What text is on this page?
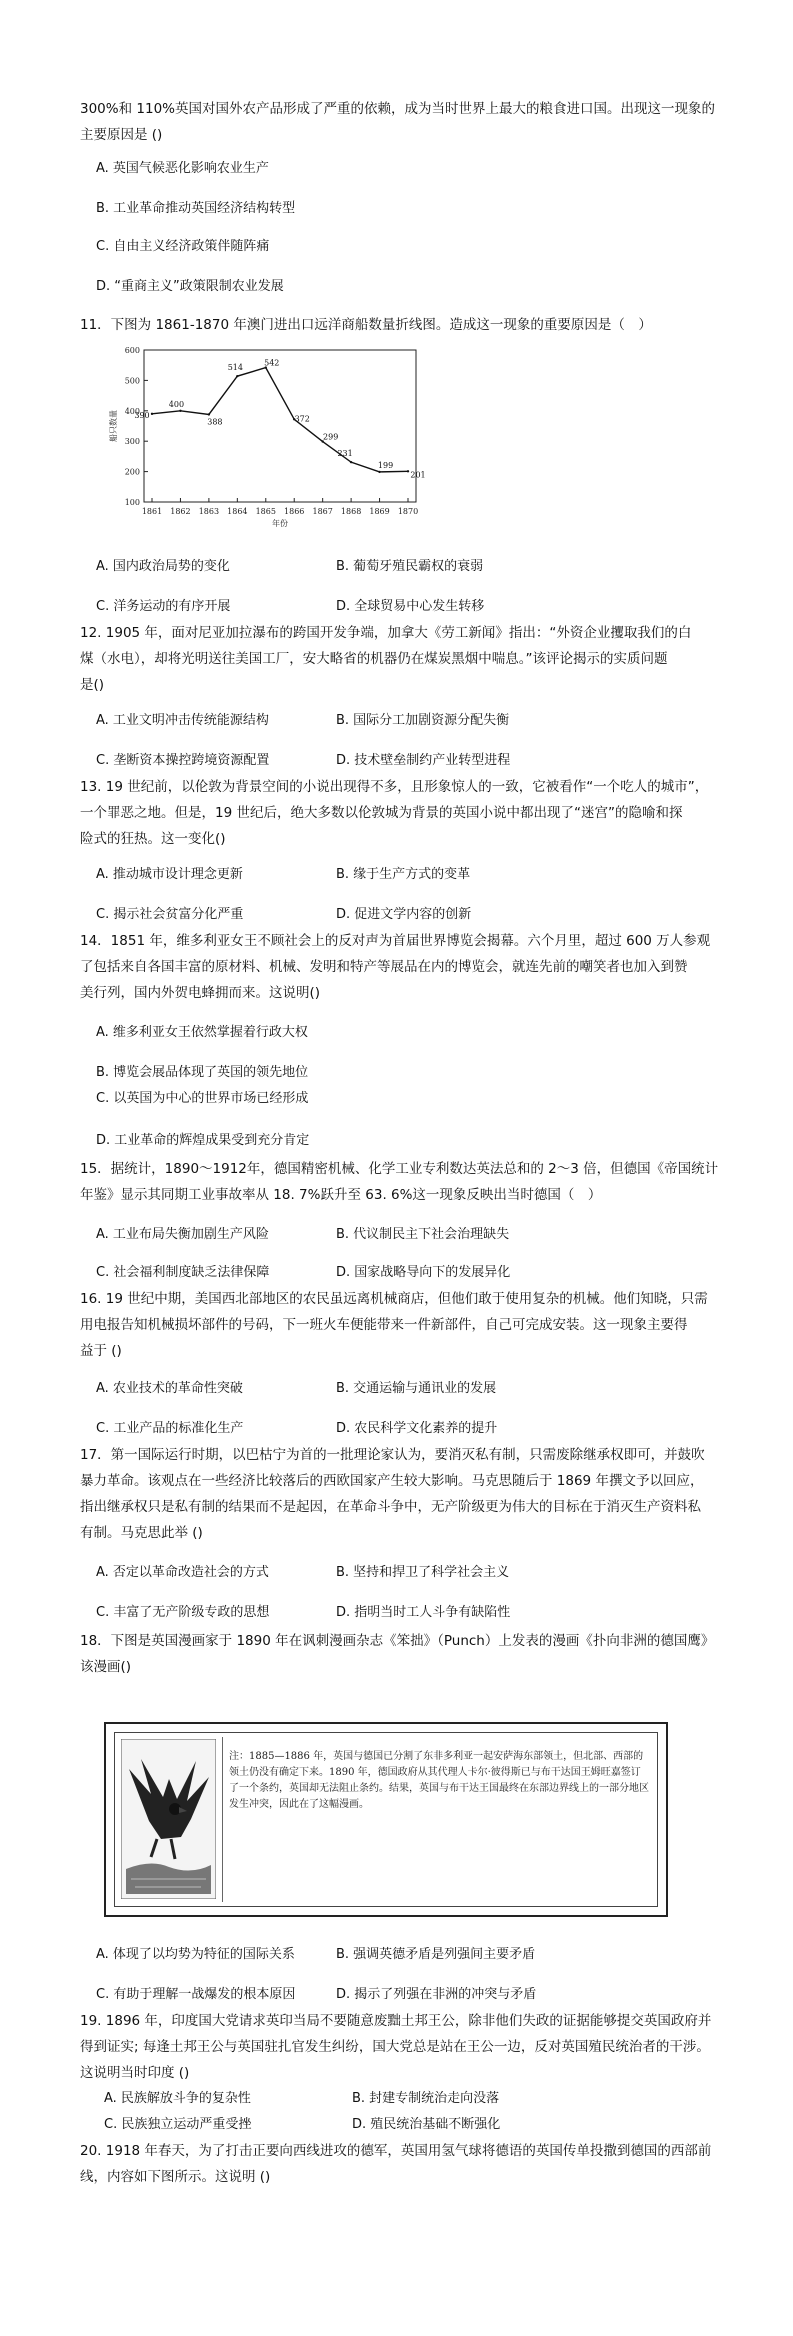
300%和 110%英国对国外农产品形成了严重的依赖，成为当时世界上最大的粮食进口国。出现这一现象的
主要原因是 ()
A. 英国气候恶化影响农业生产
B. 工业革命推动英国经济结构转型
C. 自由主义经济政策伴随阵痛
D. “重商主义”政策限制农业发展
11．下图为 1861-1870 年澳门进出口远洋商船数量折线图。造成这一现象的重要原因是（　）
100
200
300
400
500
600
1861 1862 1863 1864 1865 1866 1867 1868 1869 1870
390
400
388
514
542
372
299
231
199
201
年份
船只数量
A. 国内政治局势的变化	B. 葡萄牙殖民霸权的衰弱
C. 洋务运动的有序开展	D. 全球贸易中心发生转移
12. 1905 年，面对尼亚加拉瀑布的跨国开发争端，加拿大《劳工新闻》指出：“外资企业攫取我们的白
煤（水电），却将光明送往美国工厂，安大略省的机器仍在煤炭黑烟中喘息。”该评论揭示的实质问题
是()
A. 工业文明冲击传统能源结构	B. 国际分工加剧资源分配失衡
C. 垄断资本操控跨境资源配置	D. 技术壁垒制约产业转型进程
13. 19 世纪前，以伦敦为背景空间的小说出现得不多，且形象惊人的一致，它被看作“一个吃人的城市”，
一个罪恶之地。但是，19 世纪后，绝大多数以伦敦城为背景的英国小说中都出现了“迷宫”的隐喻和探
险式的狂热。这一变化()
A. 推动城市设计理念更新	B. 缘于生产方式的变革
C. 揭示社会贫富分化严重	D. 促进文学内容的创新
14．1851 年，维多利亚女王不顾社会上的反对声为首届世界博览会揭幕。六个月里，超过 600 万人参观
了包括来自各国丰富的原材料、机械、发明和特产等展品在内的博览会，就连先前的嘲笑者也加入到赞
美行列，国内外贺电蜂拥而来。这说明()
A. 维多利亚女王依然掌握着行政大权
B. 博览会展品体现了英国的领先地位
C. 以英国为中心的世界市场已经形成
D. 工业革命的辉煌成果受到充分肯定
15．据统计，1890～1912年，德国精密机械、化学工业专利数达英法总和的 2～3 倍，但德国《帝国统计
年鉴》显示其同期工业事故率从 18. 7%跃升至 63. 6%这一现象反映出当时德国（　）
A. 工业布局失衡加剧生产风险	B. 代议制民主下社会治理缺失
C. 社会福利制度缺乏法律保障	D. 国家战略导向下的发展异化
16. 19 世纪中期，美国西北部地区的农民虽远离机械商店，但他们敢于使用复杂的机械。他们知晓，只需
用电报告知机械损坏部件的号码，下一班火车便能带来一件新部件，自己可完成安装。这一现象主要得
益于 ()
A. 农业技术的革命性突破	B. 交通运输与通讯业的发展
C. 工业产品的标准化生产	D. 农民科学文化素养的提升
17．第一国际运行时期，以巴枯宁为首的一批理论家认为，要消灭私有制，只需废除继承权即可，并鼓吹
暴力革命。该观点在一些经济比较落后的西欧国家产生较大影响。马克思随后于 1869 年撰文予以回应，
指出继承权只是私有制的结果而不是起因，在革命斗争中，无产阶级更为伟大的目标在于消灭生产资料私
有制。马克思此举 ()
A. 否定以革命改造社会的方式	B. 坚持和捍卫了科学社会主义
C. 丰富了无产阶级专政的思想	D. 指明当时工人斗争有缺陷性
18．下图是英国漫画家于 1890 年在讽刺漫画杂志《笨拙》（Punch）上发表的漫画《扑向非洲的德国鹰》
该漫画()
注：1885—1886 年，英国与德国已分割了东非多利亚一起安萨海东部领土，但北部、西部的领土仍没有确定下来。1890 年，德国政府从其代理人卡尔·彼得斯已与布干达国王姆旺嘉签订了一个条约，英国却无法阻止条约。结果，英国与布干达王国最终在东部边界线上的一部分地区发生冲突，因此在了这幅漫画。
A. 体现了以均势为特征的国际关系	B. 强调英德矛盾是列强间主要矛盾
C. 有助于理解一战爆发的根本原因	D. 揭示了列强在非洲的冲突与矛盾
19. 1896 年，印度国大党请求英印当局不要随意废黜土邦王公，除非他们失政的证据能够提交英国政府并
得到证实; 每逢土邦王公与英国驻扎官发生纠纷，国大党总是站在王公一边，反对英国殖民统治者的干涉。
这说明当时印度 ()
A. 民族解放斗争的复杂性	B. 封建专制统治走向没落
C. 民族独立运动严重受挫	D. 殖民统治基础不断强化
20. 1918 年春天，为了打击正要向西线进攻的德军，英国用氢气球将德语的英国传单投撒到德国的西部前
线，内容如下图所示。这说明 ()
